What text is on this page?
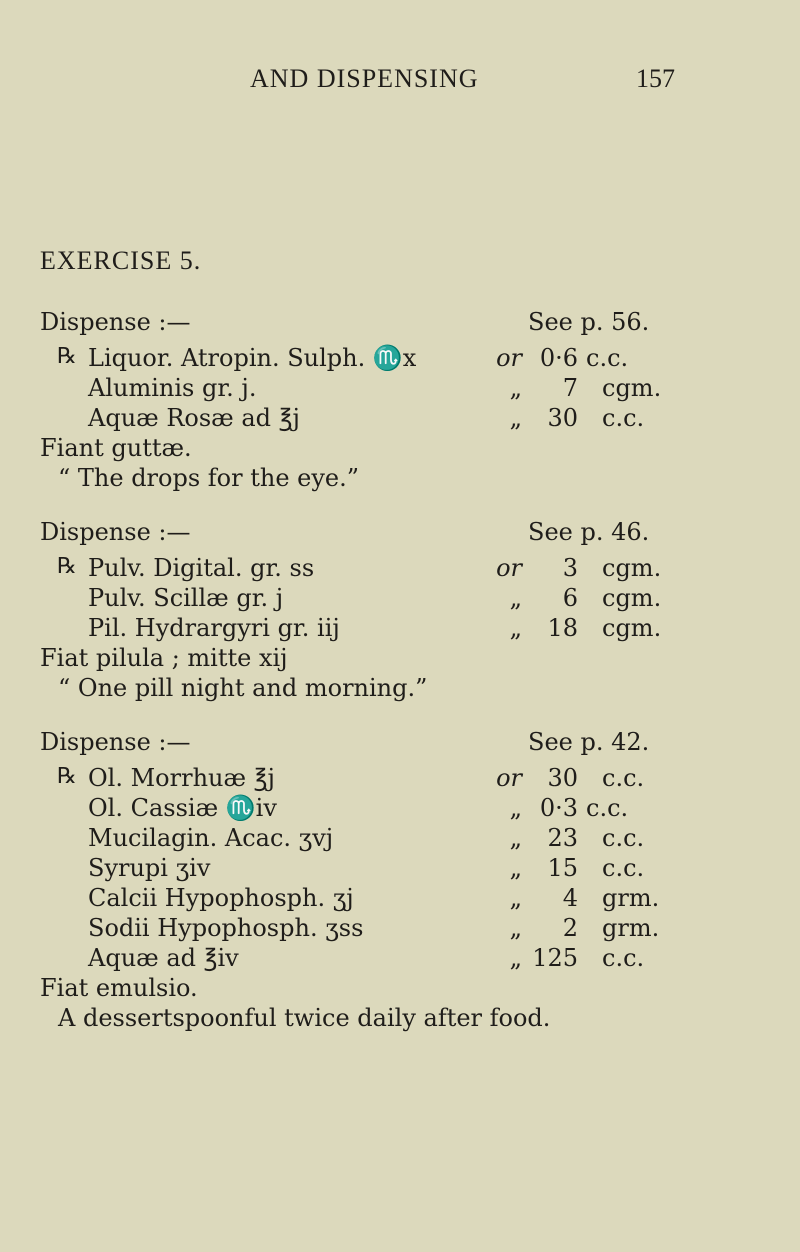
AND DISPENSING	157
EXERCISE 5.
Dispense :—	See p. 56.
℞ Liquor. Atropin. Sulph. ♏x	or 0·6 c.c.
Aluminis gr. j.	„	7 cgm.
Aquæ Rosæ ad ℥j	„	30 c.c.
Fiant guttæ.
“ The drops for the eye.”
Dispense :—	See p. 46.
℞ Pulv. Digital. gr. ss	or	3 cgm.
Pulv. Scillæ gr. j	„	6 cgm.
Pil. Hydrargyri gr. iij	„	18 cgm.
Fiat pilula ; mitte xij
“ One pill night and morning.”
Dispense :—	See p. 42.
℞ Ol. Morrhuæ ℥j	or	30 c.c.
Ol. Cassiæ ♏iv	„ 0·3 c.c.
Mucilagin. Acac. ʒvj	„	23 c.c.
Syrupi ʒiv	„	15 c.c.
Calcii Hypophosph. ʒj	„	4 grm.
Sodii Hypophosph. ʒss	„	2 grm.
Aquæ ad ℥iv	„ 125 c.c.
Fiat emulsio.
A dessertspoonful twice daily after food.
